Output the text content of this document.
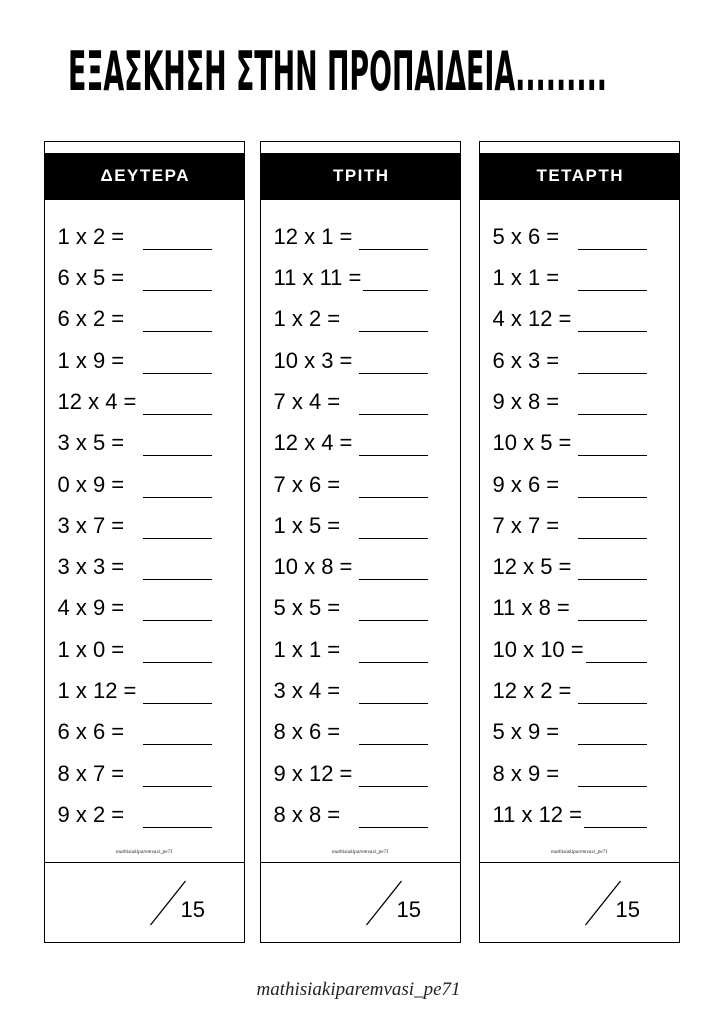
ΕΞΑΣΚΗΣΗ ΣΤΗΝ ΠΡΟΠΑΙΔΕΙΑ.........
ΔΕΥΤΕΡΑ
1 x 2 =
6 x 5 =
6 x 2 =
1 x 9 =
12 x 4 =
3 x 5 =
0 x 9 =
3 x 7 =
3 x 3 =
4 x 9 =
1 x 0 =
1 x 12 =
6 x 6 =
8 x 7 =
9 x 2 =
mathisiakiparemvasi_pe71
15
ΤΡΙΤΗ
12 x 1 =
11 x 11 =
1 x 2 =
10 x 3 =
7 x 4 =
12 x 4 =
7 x 6 =
1 x 5 =
10 x 8 =
5 x 5 =
1 x 1 =
3 x 4 =
8 x 6 =
9 x 12 =
8 x 8 =
mathisiakiparemvasi_pe71
15
ΤΕΤΑΡΤΗ
5 x 6 =
1 x 1 =
4 x 12 =
6 x 3 =
9 x 8 =
10 x 5 =
9 x 6 =
7 x 7 =
12 x 5 =
11 x 8 =
10 x 10 =
12 x 2 =
5 x 9 =
8 x 9 =
11 x 12 =
mathisiakiparemvasi_pe71
15
mathisiakiparemvasi_pe71
